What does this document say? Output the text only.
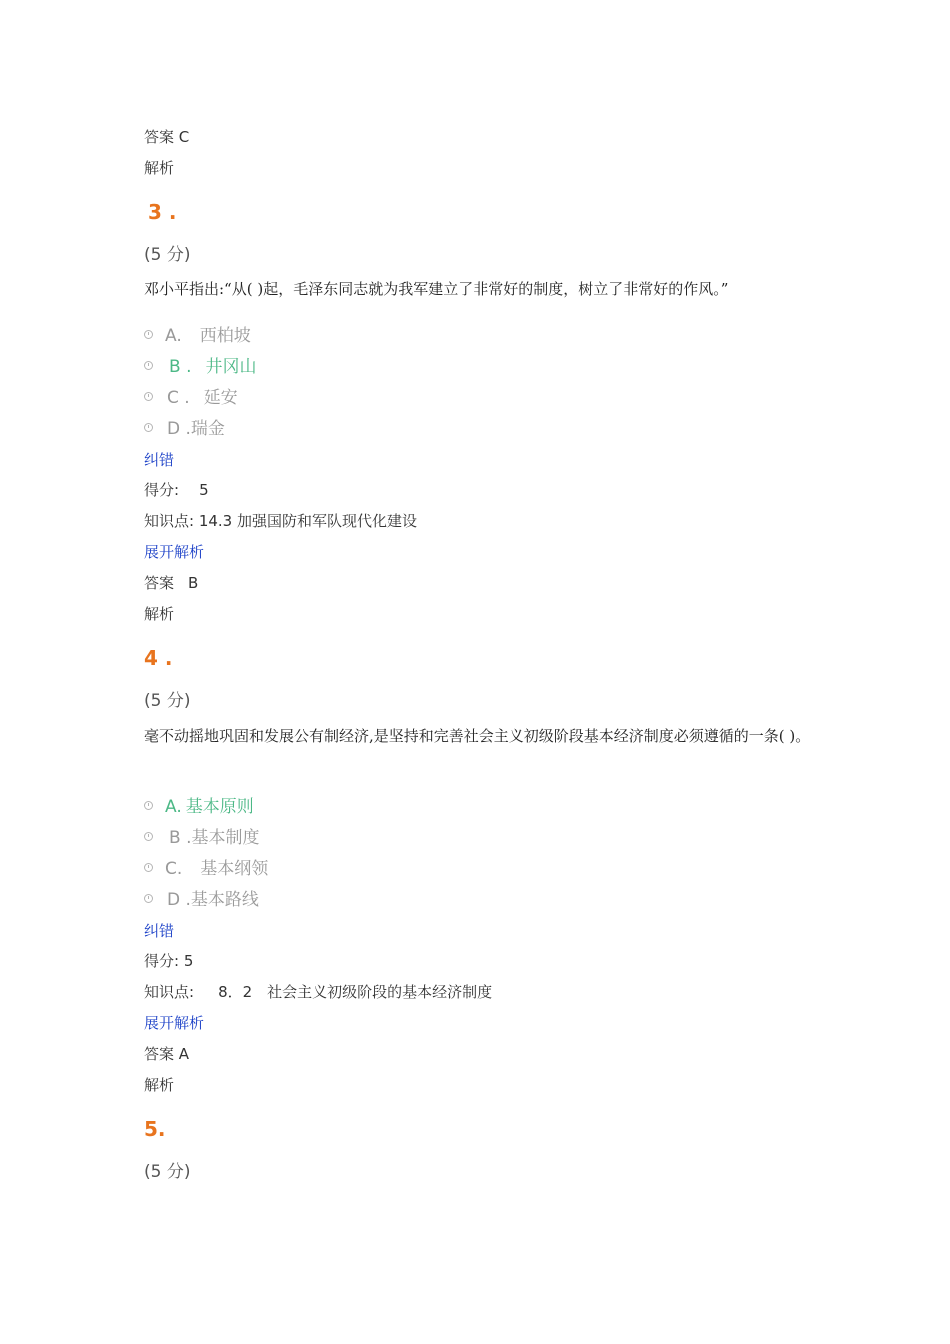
答案 C
解析
3 .
(5 分)
邓小平指出:“从( )起，毛泽东同志就为我军建立了非常好的制度，树立了非常好的作风。”
A. 西柏坡
B . 井冈山
C . 延安
D .瑞金
纠错
得分: 5
知识点: 14.3 加强国防和军队现代化建设
展开解析
答案 B
解析
4 .
(5 分)
毫不动摇地巩固和发展公有制经济,是坚持和完善社会主义初级阶段基本经济制度必须遵循的一条( )。
A. 基本原则
B .基本制度
C. 基本纲领
D .基本路线
纠错
得分: 5
知识点: 8．2　社会主义初级阶段的基本经济制度
展开解析
答案 A
解析
5.
(5 分)
